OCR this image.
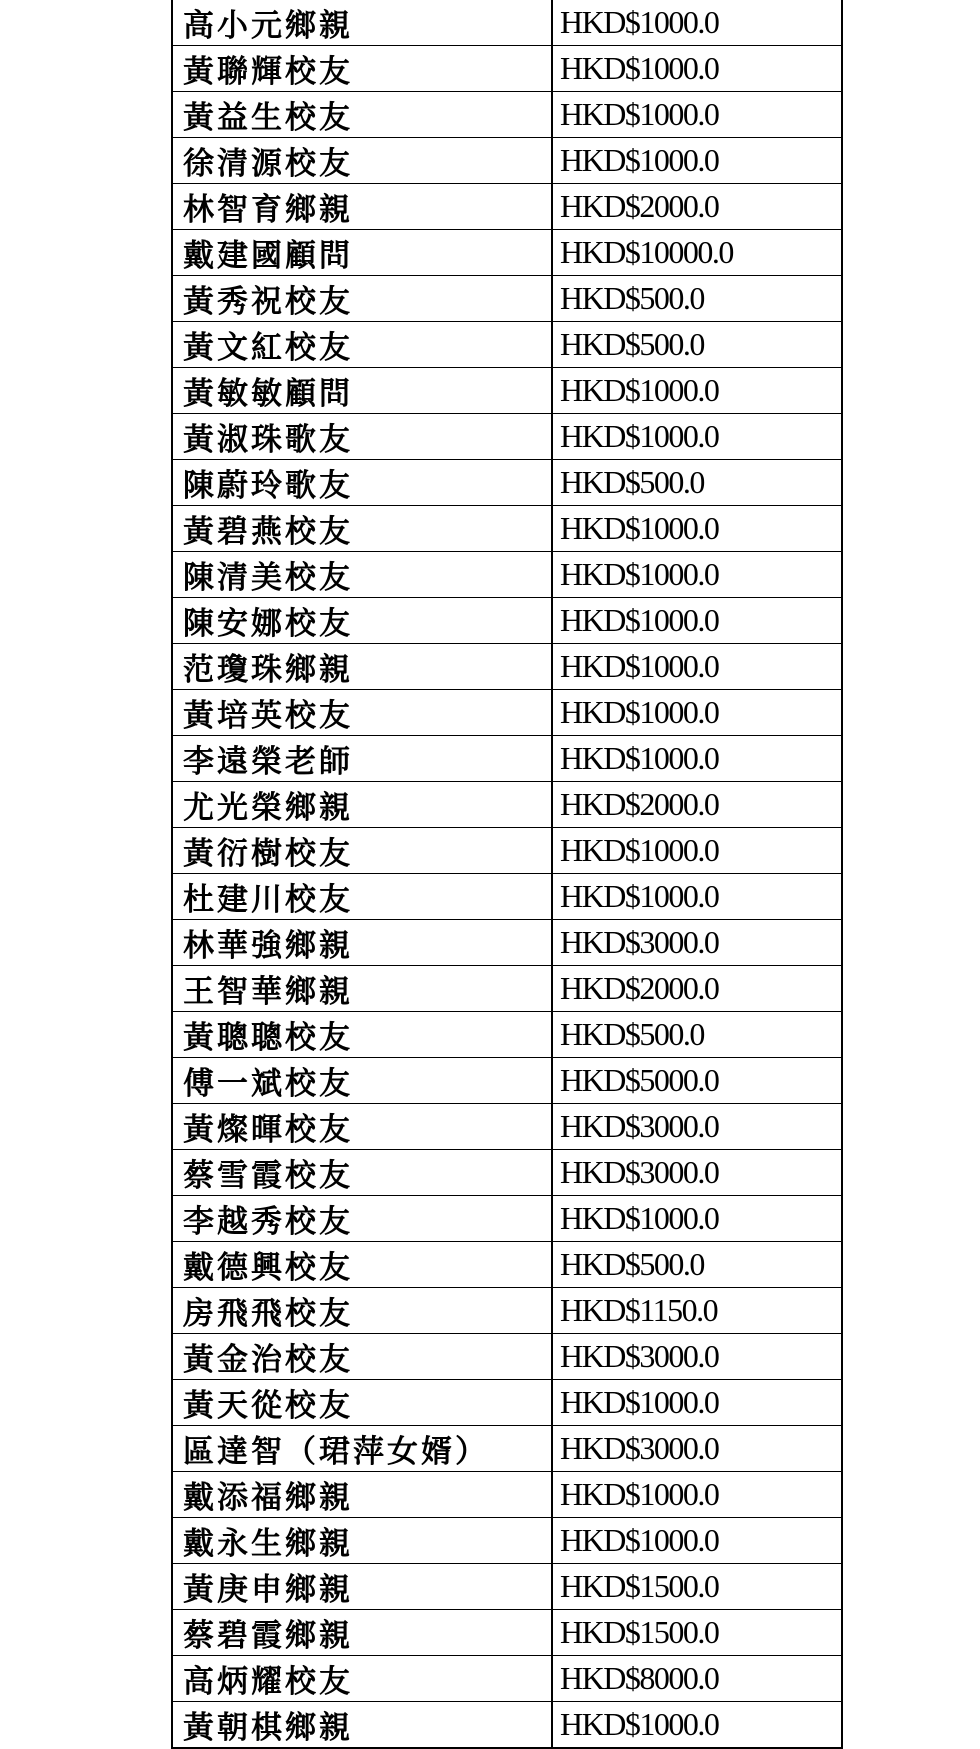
高小元鄉親	HKD$1000.0
黃聯輝校友	HKD$1000.0
黃益生校友	HKD$1000.0
徐清源校友	HKD$1000.0
林智育鄉親	HKD$2000.0
戴建國顧問	HKD$10000.0
黃秀祝校友	HKD$500.0
黃文紅校友	HKD$500.0
黃敏敏顧問	HKD$1000.0
黃淑珠歌友	HKD$1000.0
陳蔚玲歌友	HKD$500.0
黃碧燕校友	HKD$1000.0
陳清美校友	HKD$1000.0
陳安娜校友	HKD$1000.0
范瓊珠鄉親	HKD$1000.0
黃培英校友	HKD$1000.0
李遠榮老師	HKD$1000.0
尤光榮鄉親	HKD$2000.0
黃衍樹校友	HKD$1000.0
杜建川校友	HKD$1000.0
林華強鄉親	HKD$3000.0
王智華鄉親	HKD$2000.0
黃聰聰校友	HKD$500.0
傅一斌校友	HKD$5000.0
黃燦暉校友	HKD$3000.0
蔡雪霞校友	HKD$3000.0
李越秀校友	HKD$1000.0
戴德興校友	HKD$500.0
房飛飛校友	HKD$1150.0
黃金治校友	HKD$3000.0
黃天從校友	HKD$1000.0
區達智（珺萍女婿）	HKD$3000.0
戴添福鄉親	HKD$1000.0
戴永生鄉親	HKD$1000.0
黃庚申鄉親	HKD$1500.0
蔡碧霞鄉親	HKD$1500.0
高炳耀校友	HKD$8000.0
黃朝棋鄉親	HKD$1000.0
